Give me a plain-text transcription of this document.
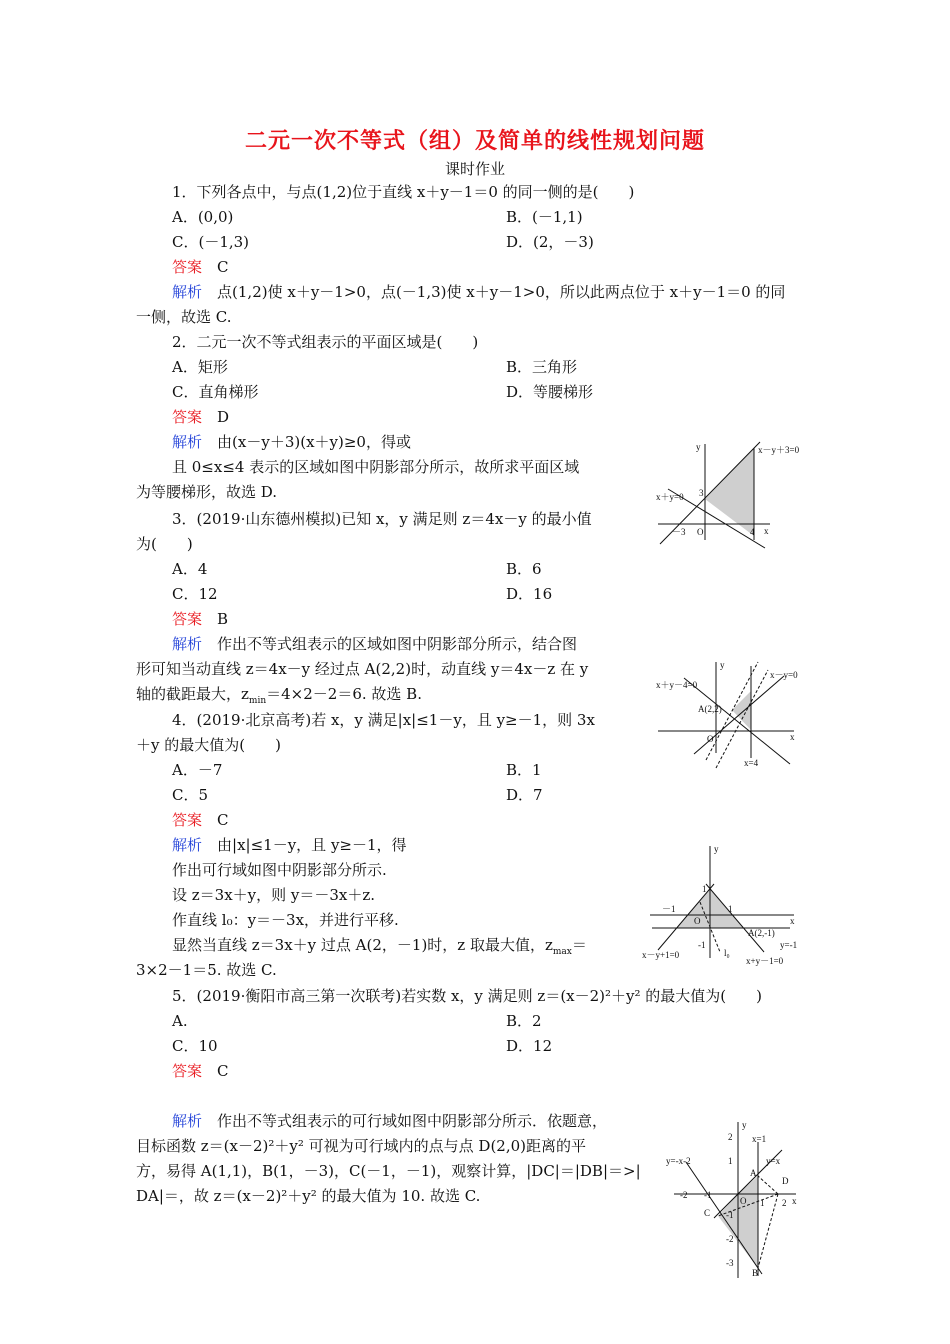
二元一次不等式（组）及简单的线性规划问题
课时作业
1．下列各点中，与点(1,2)位于直线 x＋y－1＝0 的同一侧的是(　　)
A．(0,0)	B．(－1,1)
C．(－1,3)	D．(2，－3)
答案　 C
解析　 点(1,2)使 x＋y－1>0，点(－1,3)使 x＋y－1>0，所以此两点位于 x＋y－1＝0 的同
一侧，故选 C.
2．二元一次不等式组表示的平面区域是(　　)
A．矩形	B．三角形
C．直角梯形	D．等腰梯形
答案　 D
解析　 由(x－y＋3)(x＋y)≥0，得或
且 0≤x≤4 表示的区域如图中阴影部分所示，故所求平面区域
为等腰梯形，故选 D.
x－y＋3=0
x＋y=0
y
x
3
－3 O	4
3．(2019·山东德州模拟)已知 x，y 满足则 z＝4x－y 的最小值
为(　　)
A．4	B．6
C．12	D．16
答案　 B
解析　 作出不等式组表示的区域如图中阴影部分所示，结合图
形可知当动直线 z＝4x－y 经过点 A(2,2)时，动直线 y＝4x－z 在 y
轴的截距最大，$z_{min}=4\times 2-2=6$. 故选 B.	x＋y－4=0
x－y=0
x=4
A(2,2)
y
x
O
4．(2019·北京高考)若 x，y 满足|x|≤1－y，且 y≥－1，则 3x
＋y 的最大值为(　　)
A．－7	B．1
C．5	D．7
答案　 C
解析　 由|x|≤1－y，且 y≥－1，得
作出可行域如图中阴影部分所示.
设 z＝3x＋y，则 y＝－3x＋z.
作直线 l₀：y＝－3x，并进行平移.
显然当直线 z＝3x＋y 过点 A(2，－1)时，z 取最大值，$z_{max}=$
3×2－1＝5. 故选 C.
y
x
1
－1	1
O
A(2,-1)
y=-1
-1
l₀
x－y+1=0
x+y－1=0
5．(2019·衡阳市高三第一次联考)若实数 x，y 满足则 z＝(x－2)²＋y² 的最大值为(　　)
A.	B．2
C．10	D．12
答案　 C
解析　 作出不等式组表示的可行域如图中阴影部分所示．依题意，
目标函数 z＝(x－2)²＋y² 可视为可行域内的点与点 D(2,0)距离的平
方，易得 A(1,1)，B(1，－3)，C(－1，－1)，观察计算，|DC|＝|DB|＝>|
DA|＝，故 z＝(x－2)²＋y² 的最大值为 10. 故选 C.
y
x
x=1
y=x
y=-x-2
2
1
-2 -1
1 2
-1
-2
-3
O
A
B
C
D
